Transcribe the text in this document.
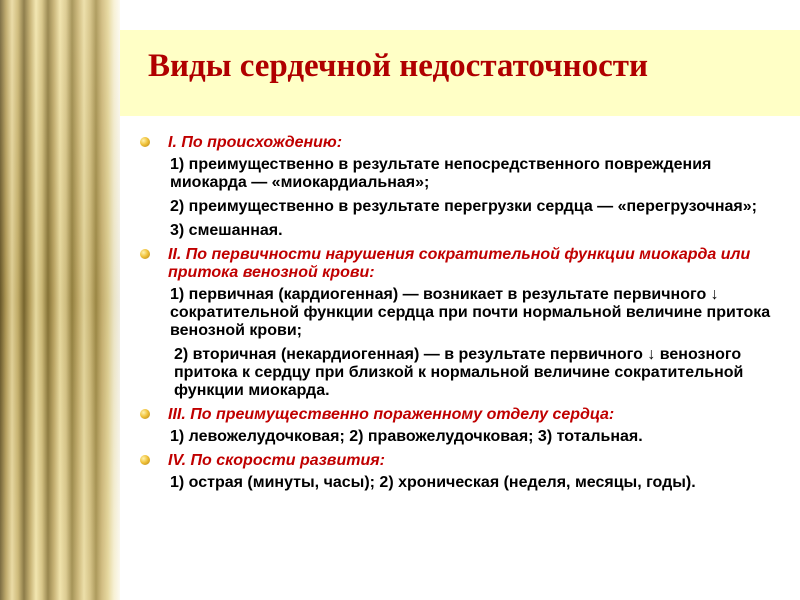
Виды сердечной недостаточности
I. По происхождению:
1) преимущественно в результате непосредственного повреждения миокарда — «миокардиальная»;
2) преимущественно в результате перегрузки сердца — «перегрузочная»;
3) смешанная.
II. По первичности нарушения сократительной функции миокарда или притока венозной крови:
1) первичная (кардиогенная) — возникает в результате первичного ↓ сократительной функции сердца при почти нормальной величине притока венозной крови;
2) вторичная (некардиогенная) — в результате первичного ↓ венозного притока к сердцу при близкой к нормальной величине сократительной функции миокарда.
III. По преимущественно пораженному отделу сердца:
1) левожелудочковая; 2) правожелудочковая; 3) тотальная.
IV. По скорости развития:
1) острая (минуты, часы); 2) хроническая (неделя, месяцы, годы).
